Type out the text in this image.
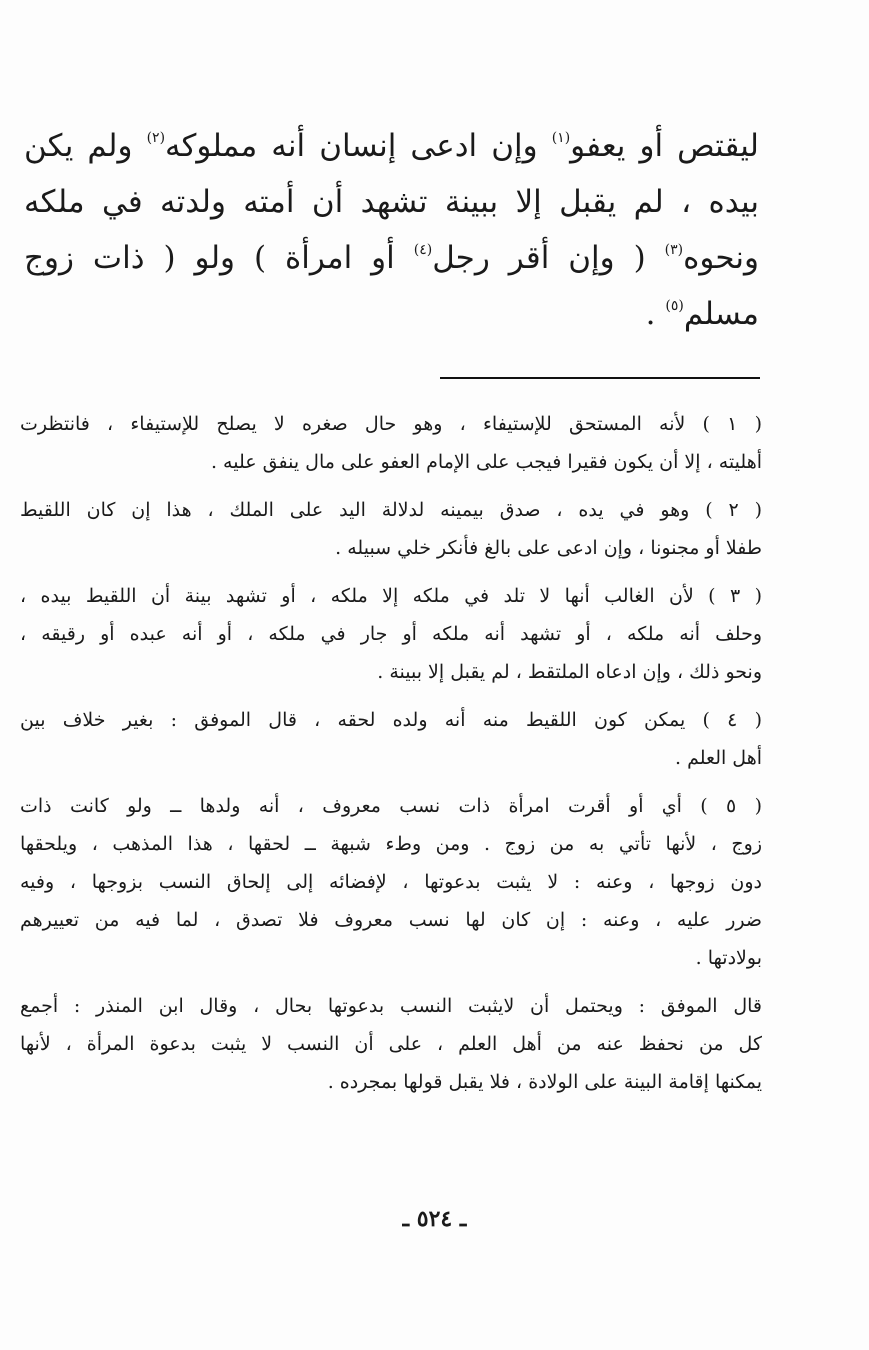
ليقتص أو يعفو$^{(١)}$ وإن ادعى إنسان أنه مملوكه$^{(٢)}$ ولم يكن
بيده ، لم يقبل إلا ببينة تشهد أن أمته ولدته في ملكه
ونحوه$^{(٣)}$ ( وإن أقر رجل$^{(٤)}$ أو امرأة ) ولو ( ذات زوج
مسلم$^{(٥)}$ .
( ١ ) لأنه المستحق للإستيفاء ، وهو حال صغره لا يصلح للإستيفاء ، فانتظرت
أهليته ، إلا أن يكون فقيرا فيجب على الإمام العفو على مال ينفق عليه .
( ٢ ) وهو في يده ، صدق بيمينه لدلالة اليد على الملك ، هذا إن كان اللقيط
طفلا أو مجنونا ، وإن ادعى على بالغ فأنكر خلي سبيله .
( ٣ ) لأن الغالب أنها لا تلد في ملكه إلا ملكه ، أو تشهد بينة أن اللقيط بيده ،
وحلف أنه ملكه ، أو تشهد أنه ملكه أو جار في ملكه ، أو أنه عبده أو رقيقه ،
ونحو ذلك ، وإن ادعاه الملتقط ، لم يقبل إلا ببينة .
( ٤ ) يمكن كون اللقيط منه أنه ولده لحقه ، قال الموفق : بغير خلاف بين
أهل العلم .
( ٥ ) أي أو أقرت امرأة ذات نسب معروف ، أنه ولدها ــ ولو كانت ذات
زوج ، لأنها تأتي به من زوج . ومن وطء شبهة ــ لحقها ، هذا المذهب ، ويلحقها
دون زوجها ، وعنه : لا يثبت بدعوتها ، لإفضائه إلى إلحاق النسب بزوجها ، وفيه
ضرر عليه ، وعنه : إن كان لها نسب معروف فلا تصدق ، لما فيه من تعييرهم
بولادتها .
قال الموفق : ويحتمل أن لايثبت النسب بدعوتها بحال ، وقال ابن المنذر : أجمع
كل من نحفظ عنه من أهل العلم ، على أن النسب لا يثبت بدعوة المرأة ، لأنها
يمكنها إقامة البينة على الولادة ، فلا يقبل قولها بمجرده .
ـ ٥٢٤ ـ
